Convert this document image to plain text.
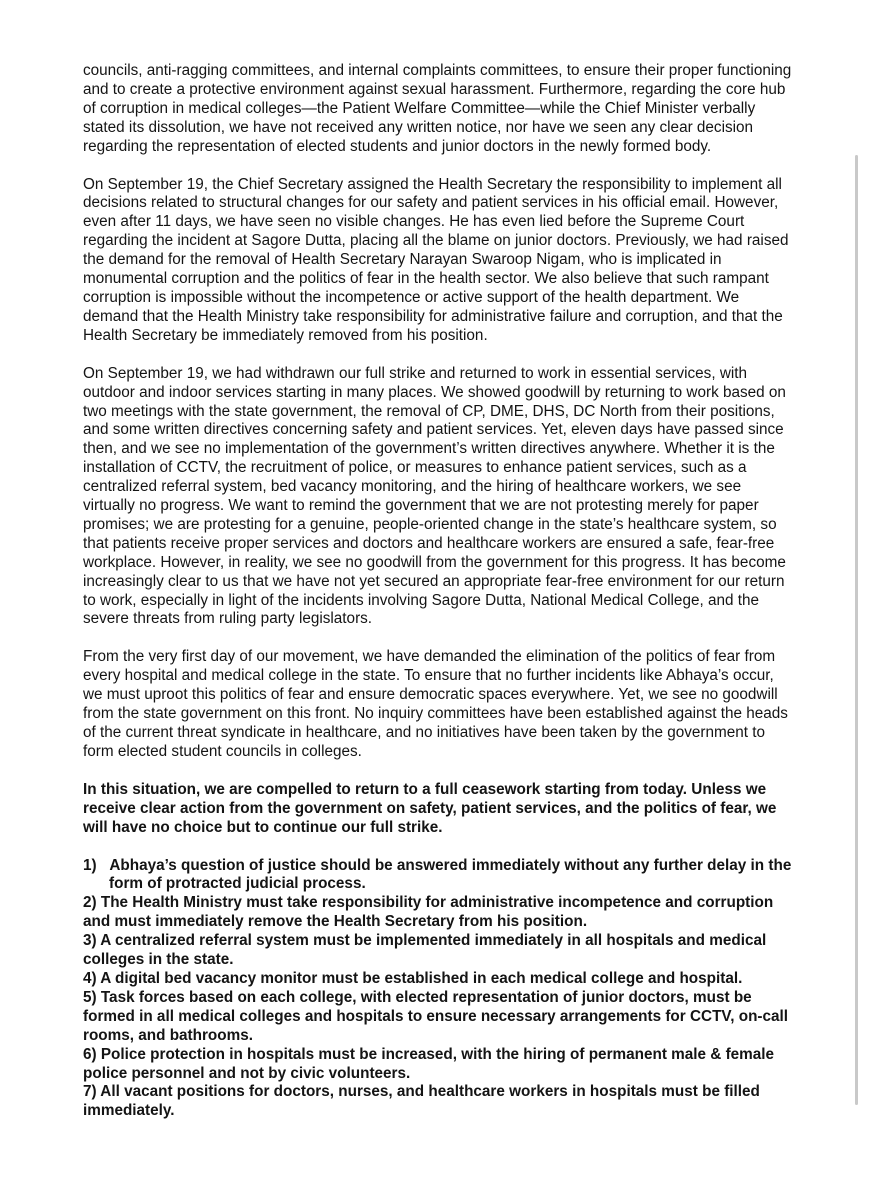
councils, anti-ragging committees, and internal complaints committees, to ensure their proper functioning and to create a protective environment against sexual harassment. Furthermore, regarding the core hub of corruption in medical colleges—the Patient Welfare Committee—while the Chief Minister verbally stated its dissolution, we have not received any written notice, nor have we seen any clear decision regarding the representation of elected students and junior doctors in the newly formed body.

On September 19, the Chief Secretary assigned the Health Secretary the responsibility to implement all decisions related to structural changes for our safety and patient services in his official email. However, even after 11 days, we have seen no visible changes. He has even lied before the Supreme Court regarding the incident at Sagore Dutta, placing all the blame on junior doctors. Previously, we had raised the demand for the removal of Health Secretary Narayan Swaroop Nigam, who is implicated in monumental corruption and the politics of fear in the health sector. We also believe that such rampant corruption is impossible without the incompetence or active support of the health department. We demand that the Health Ministry take responsibility for administrative failure and corruption, and that the Health Secretary be immediately removed from his position.

On September 19, we had withdrawn our full strike and returned to work in essential services, with outdoor and indoor services starting in many places. We showed goodwill by returning to work based on two meetings with the state government, the removal of CP, DME, DHS, DC North from their positions, and some written directives concerning safety and patient services. Yet, eleven days have passed since then, and we see no implementation of the government’s written directives anywhere. Whether it is the installation of CCTV, the recruitment of police, or measures to enhance patient services, such as a centralized referral system, bed vacancy monitoring, and the hiring of healthcare workers, we see virtually no progress. We want to remind the government that we are not protesting merely for paper promises; we are protesting for a genuine, people-oriented change in the state’s healthcare system, so that patients receive proper services and doctors and healthcare workers are ensured a safe, fear-free workplace. However, in reality, we see no goodwill from the government for this progress. It has become increasingly clear to us that we have not yet secured an appropriate fear-free environment for our return to work, especially in light of the incidents involving Sagore Dutta, National Medical College, and the severe threats from ruling party legislators.

From the very first day of our movement, we have demanded the elimination of the politics of fear from every hospital and medical college in the state. To ensure that no further incidents like Abhaya’s occur, we must uproot this politics of fear and ensure democratic spaces everywhere. Yet, we see no goodwill from the state government on this front. No inquiry committees have been established against the heads of the current threat syndicate in healthcare, and no initiatives have been taken by the government to form elected student councils in colleges.

In this situation, we are compelled to return to a full ceasework starting from today. Unless we receive clear action from the government on safety, patient services, and the politics of fear, we will have no choice but to continue our full strike.

1)   Abhaya’s question of justice should be answered immediately without any further delay in the form of protracted judicial process.
2) The Health Ministry must take responsibility for administrative incompetence and corruption and must immediately remove the Health Secretary from his position.
3) A centralized referral system must be implemented immediately in all hospitals and medical colleges in the state.
4) A digital bed vacancy monitor must be established in each medical college and hospital.
5) Task forces based on each college, with elected representation of junior doctors, must be formed in all medical colleges and hospitals to ensure necessary arrangements for CCTV, on-call rooms, and bathrooms.
6) Police protection in hospitals must be increased, with the hiring of permanent male & female police personnel and not by civic volunteers.
7) All vacant positions for doctors, nurses, and healthcare workers in hospitals must be filled immediately.
